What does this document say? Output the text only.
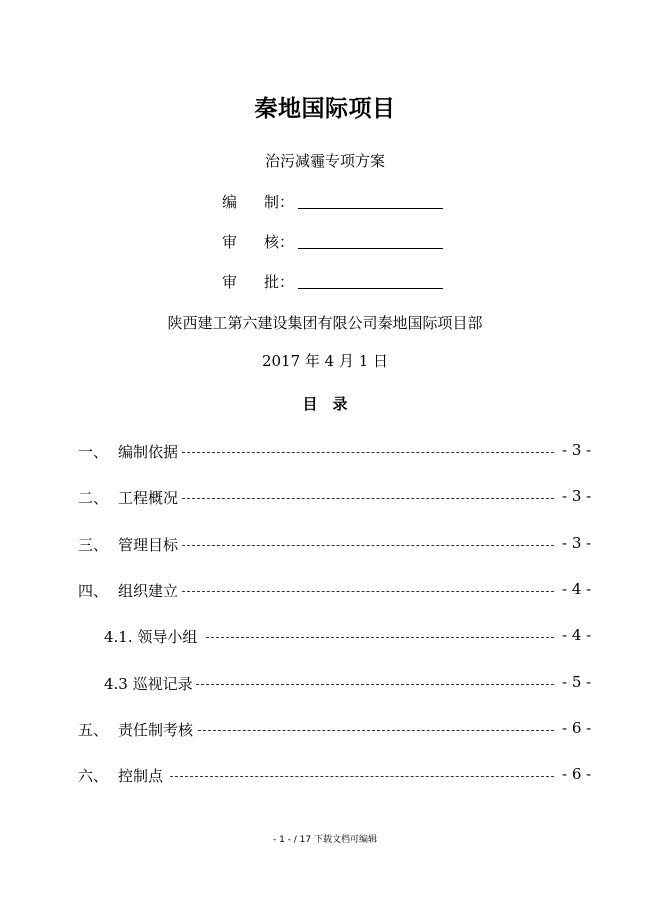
秦地国际项目
治污减霾专项方案
编 制：
审 核：
审 批：
陕西建工第六建设集团有限公司秦地国际项目部
2017 年 4 月 1 日
目　录
一、 编制依据	- 3 -
二、 工程概况	- 3 -
三、 管理目标	- 3 -
四、 组织建立	- 4 -
4.1. 领导小组	- 4 -
4.3 巡视记录	- 5 -
五、 责任制考核	- 6 -
六、 控制点	- 6 -
- 1 - / 17 下载文档可编辑
